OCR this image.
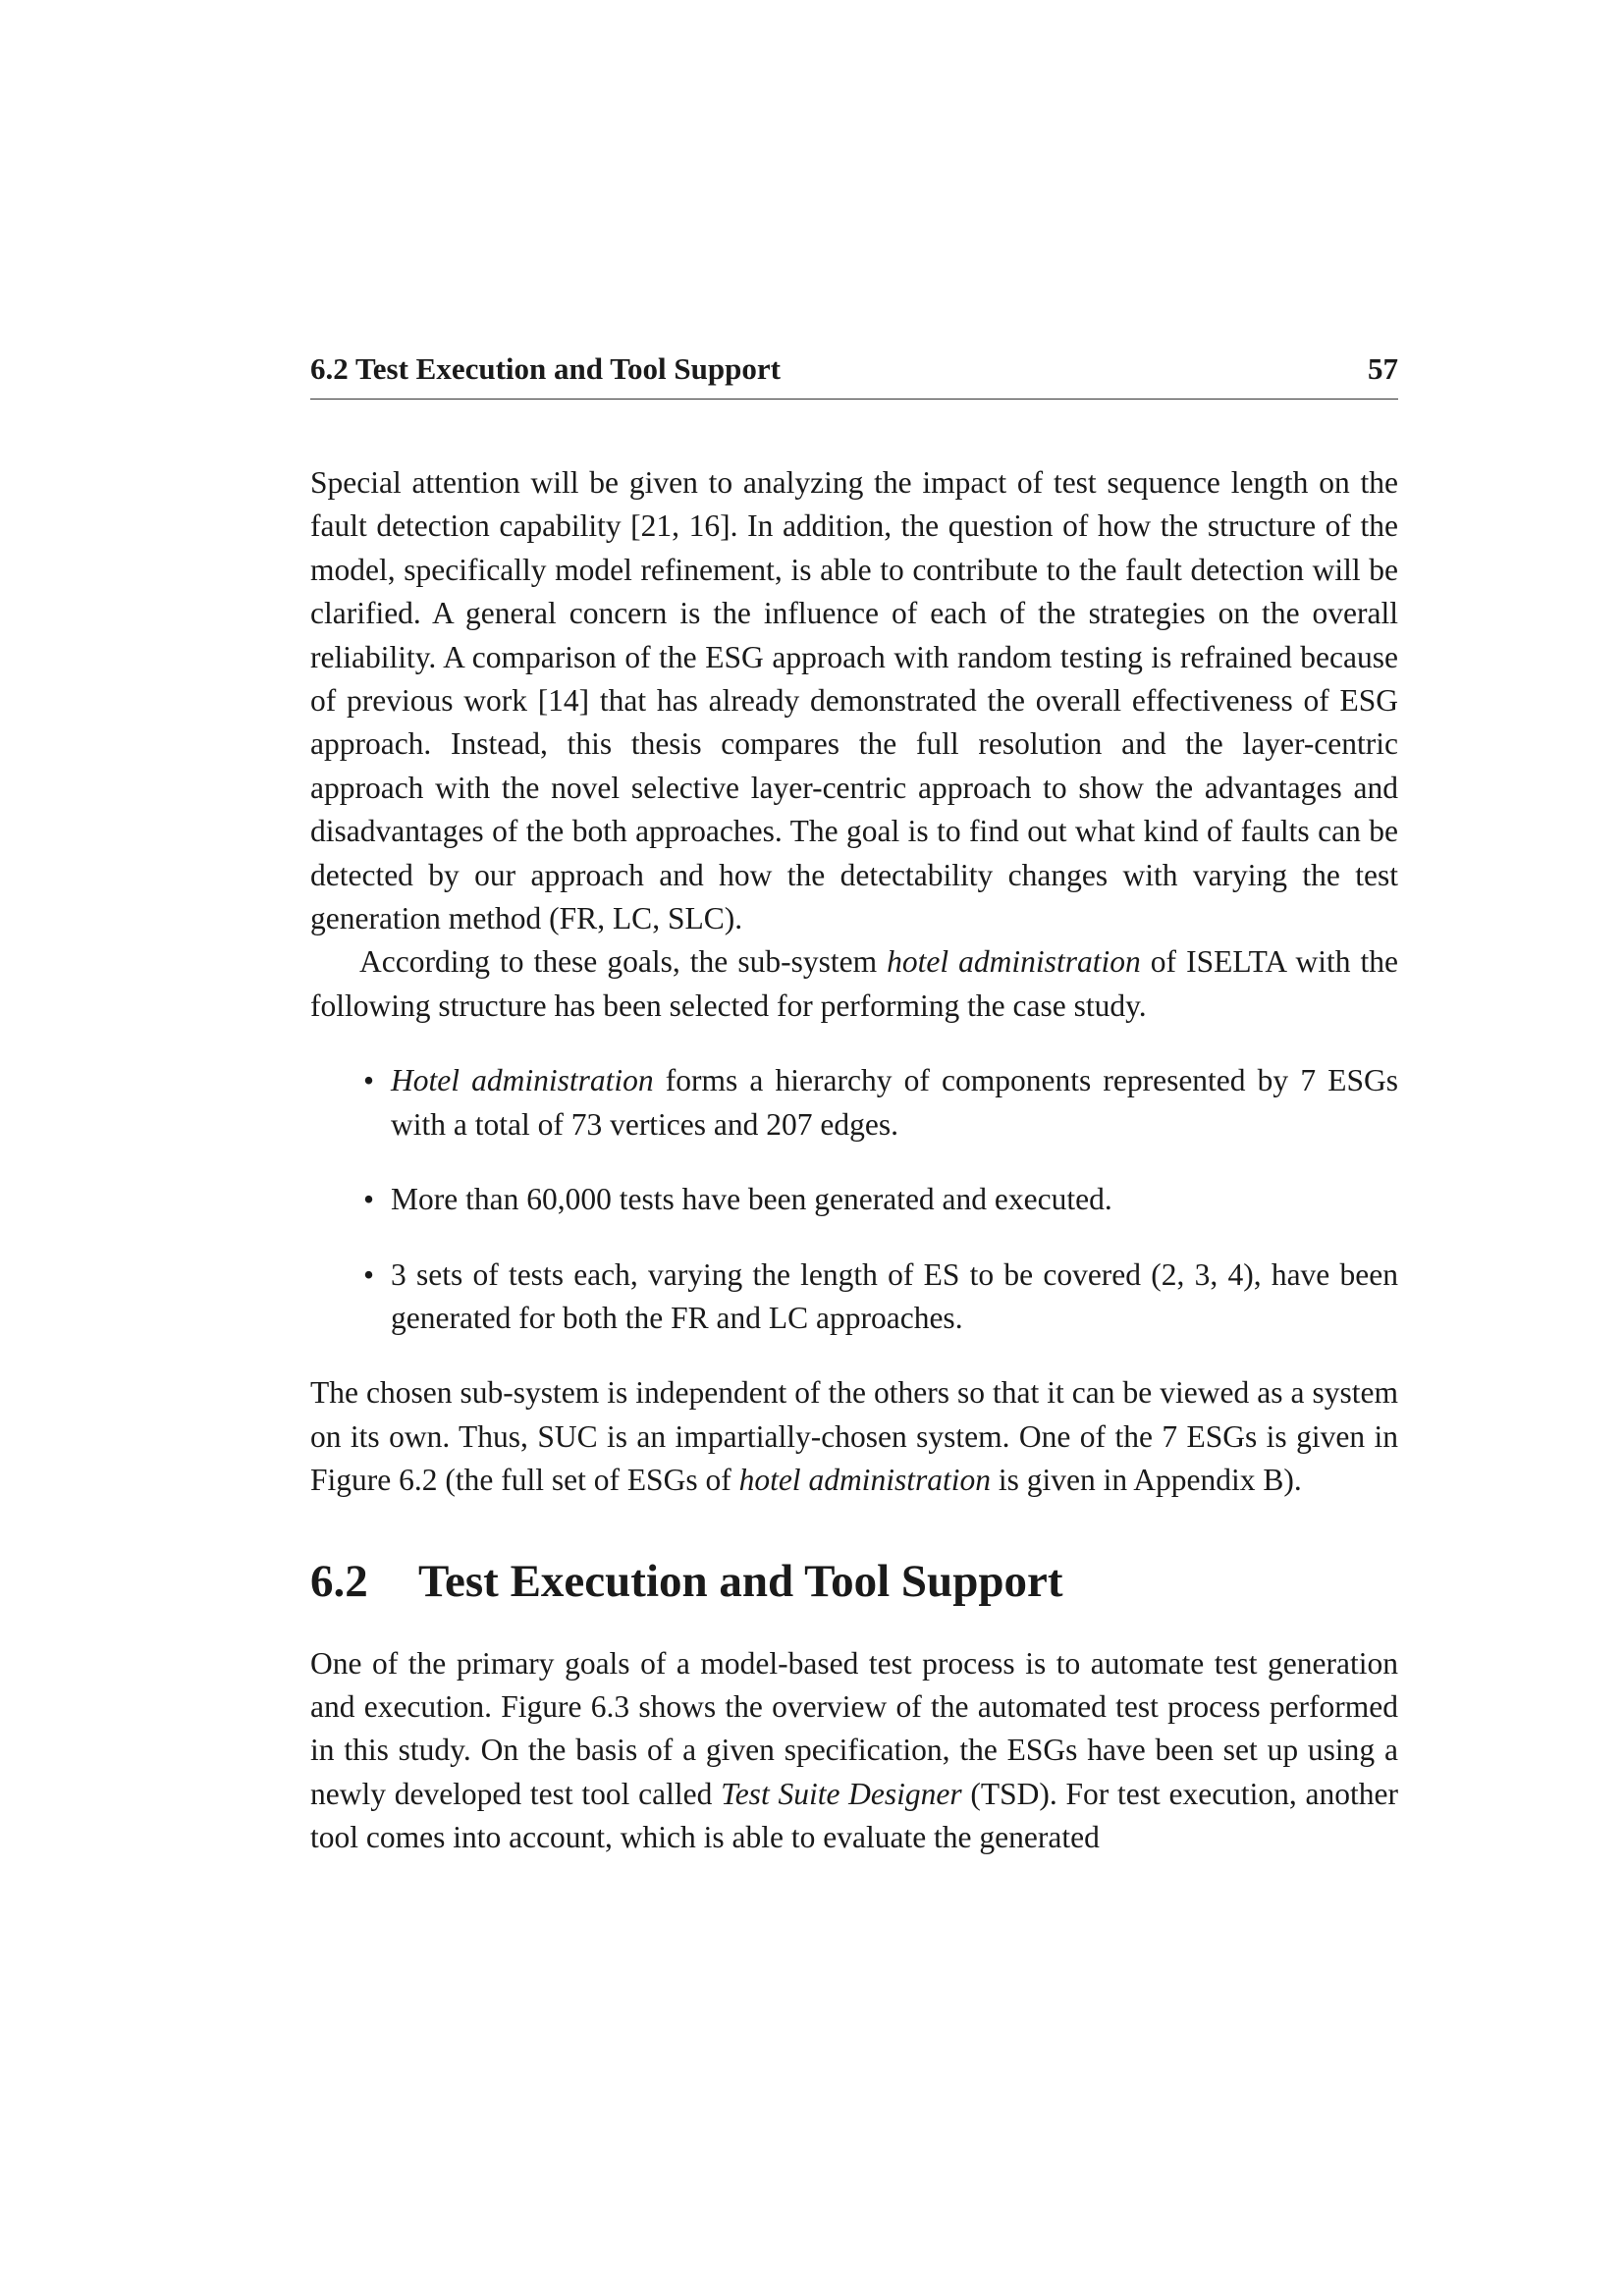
6.2 Test Execution and Tool Support	57

Special attention will be given to analyzing the impact of test sequence length on the fault detection capability [21, 16]. In addition, the question of how the structure of the model, specifically model refinement, is able to contribute to the fault detection will be clarified. A general concern is the influence of each of the strategies on the overall reliability. A comparison of the ESG approach with random testing is refrained because of previous work [14] that has already demonstrated the overall effectiveness of ESG approach. Instead, this thesis compares the full resolution and the layer-centric approach with the novel selective layer-centric approach to show the advantages and disadvantages of the both approaches. The goal is to find out what kind of faults can be detected by our approach and how the detectability changes with varying the test generation method (FR, LC, SLC).

According to these goals, the sub-system hotel administration of ISELTA with the following structure has been selected for performing the case study.

• Hotel administration forms a hierarchy of components represented by 7 ESGs with a total of 73 vertices and 207 edges.
• More than 60,000 tests have been generated and executed.
• 3 sets of tests each, varying the length of ES to be covered (2, 3, 4), have been generated for both the FR and LC approaches.

The chosen sub-system is independent of the others so that it can be viewed as a system on its own. Thus, SUC is an impartially-chosen system. One of the 7 ESGs is given in Figure 6.2 (the full set of ESGs of hotel administration is given in Appendix B).

6.2	Test Execution and Tool Support

One of the primary goals of a model-based test process is to automate test generation and execution. Figure 6.3 shows the overview of the automated test process performed in this study. On the basis of a given specification, the ESGs have been set up using a newly developed test tool called Test Suite Designer (TSD). For test execution, another tool comes into account, which is able to evaluate the generated
